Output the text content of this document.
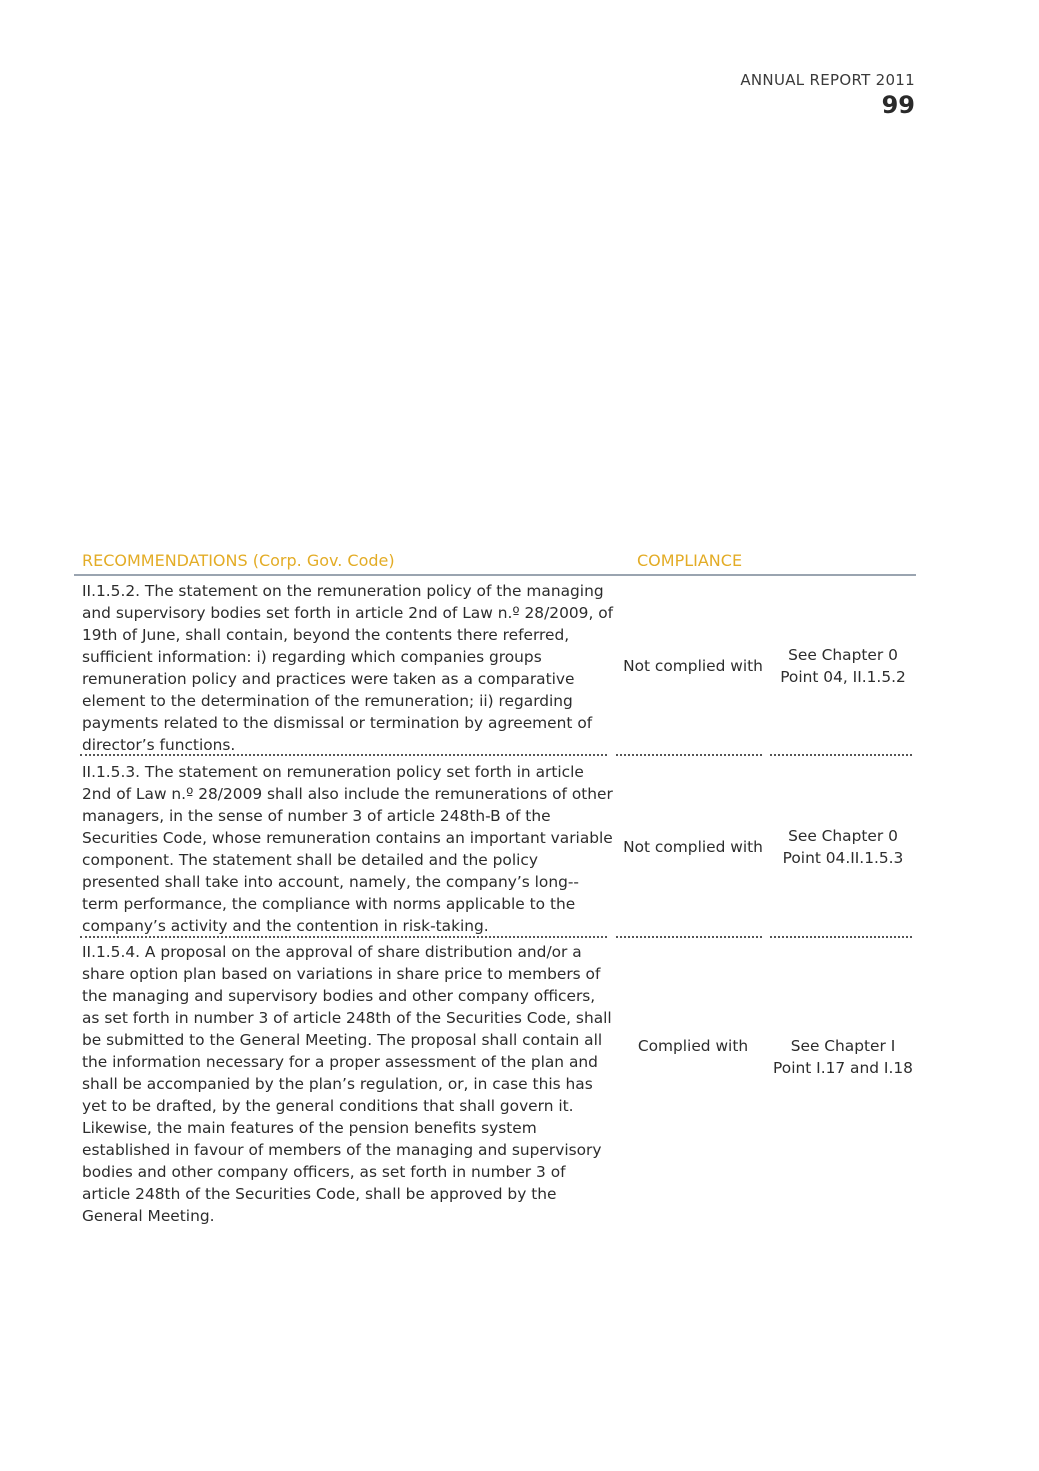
ANNUAL REPORT 2011
99
RECOMMENDATIONS (Corp. Gov. Code)	COMPLIANCE
II.1.5.2. The statement on the remuneration policy of the managing and supervisory bodies set forth in article 2nd of Law n.º 28/2009, of 19th of June, shall contain, beyond the contents there referred, sufficient information: i) regarding which companies groups remuneration policy and practices were taken as a comparative element to the determination of the remuneration; ii) regarding payments related to the dismissal or termination by agreement of director’s functions.
Not complied with
See Chapter 0 Point 04, II.1.5.2
II.1.5.3. The statement on remuneration policy set forth in article 2nd of Law n.º 28/2009 shall also include the remunerations of other managers, in the sense of number 3 of article 248th-B of the Securities Code, whose remuneration contains an important variable component. The statement shall be detailed and the policy presented shall take into account, namely, the company’s long--term performance, the compliance with norms applicable to the company’s activity and the contention in risk-taking.
Not complied with
See Chapter 0 Point 04.II.1.5.3
II.1.5.4. A proposal on the approval of share distribution and/or a share option plan based on variations in share price to members of the managing and supervisory bodies and other company officers, as set forth in number 3 of article 248th of the Securities Code, shall be submitted to the General Meeting. The proposal shall contain all the information necessary for a proper assessment of the plan and shall be accompanied by the plan’s regulation, or, in case this has yet to be drafted, by the general conditions that shall govern it. Likewise, the main features of the pension benefits system established in favour of members of the managing and supervisory bodies and other company officers, as set forth in number 3 of article 248th of the Securities Code, shall be approved by the General Meeting.
Complied with	See Chapter I Point I.17 and I.18
